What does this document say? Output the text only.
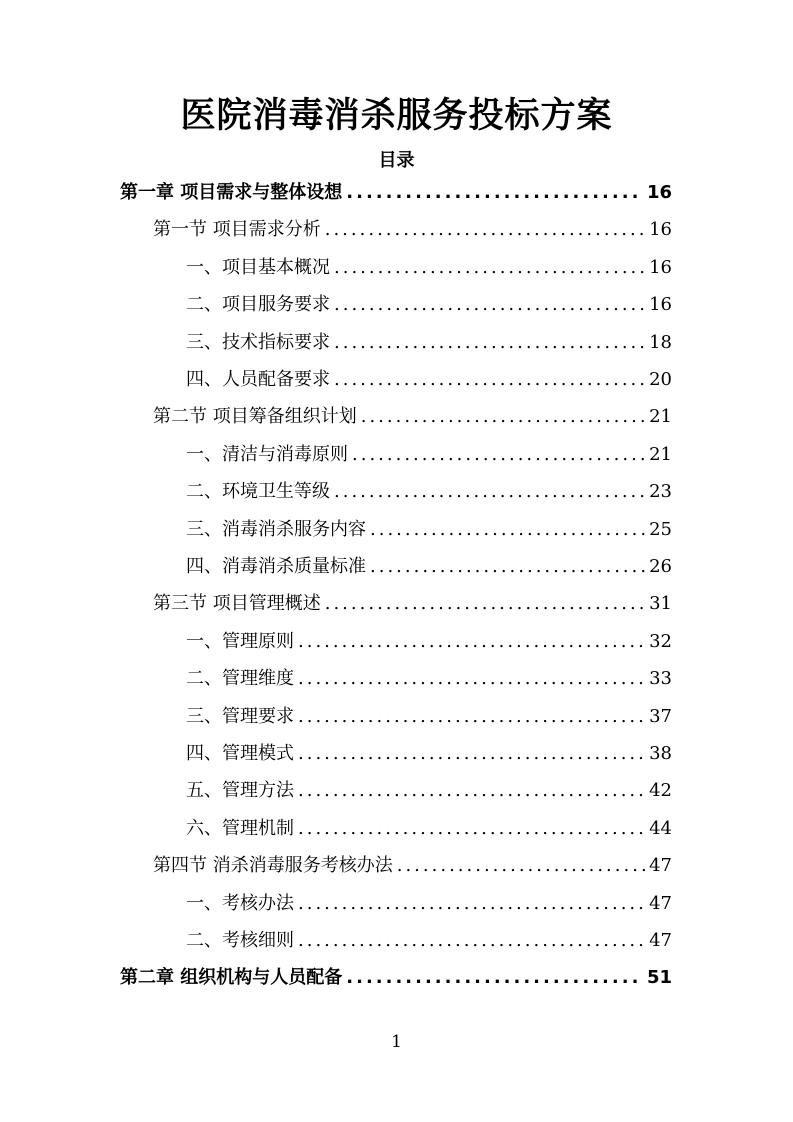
医院消毒消杀服务投标方案
目录
第一章 项目需求与整体设想 .....	16
第一节 项目需求分析 .....	16
一、项目基本概况 .....	16
二、项目服务要求 .....	16
三、技术指标要求 .....	18
四、人员配备要求 .....	20
第二节 项目筹备组织计划 .....	21
一、清洁与消毒原则 .....	21
二、环境卫生等级 .....	23
三、消毒消杀服务内容 .....	25
四、消毒消杀质量标准 .....	26
第三节 项目管理概述 .....	31
一、管理原则 .....	32
二、管理维度 .....	33
三、管理要求 .....	37
四、管理模式 .....	38
五、管理方法 .....	42
六、管理机制 .....	44
第四节 消杀消毒服务考核办法 .....	47
一、考核办法 .....	47
二、考核细则 .....	47
第二章 组织机构与人员配备 .....	51
1
